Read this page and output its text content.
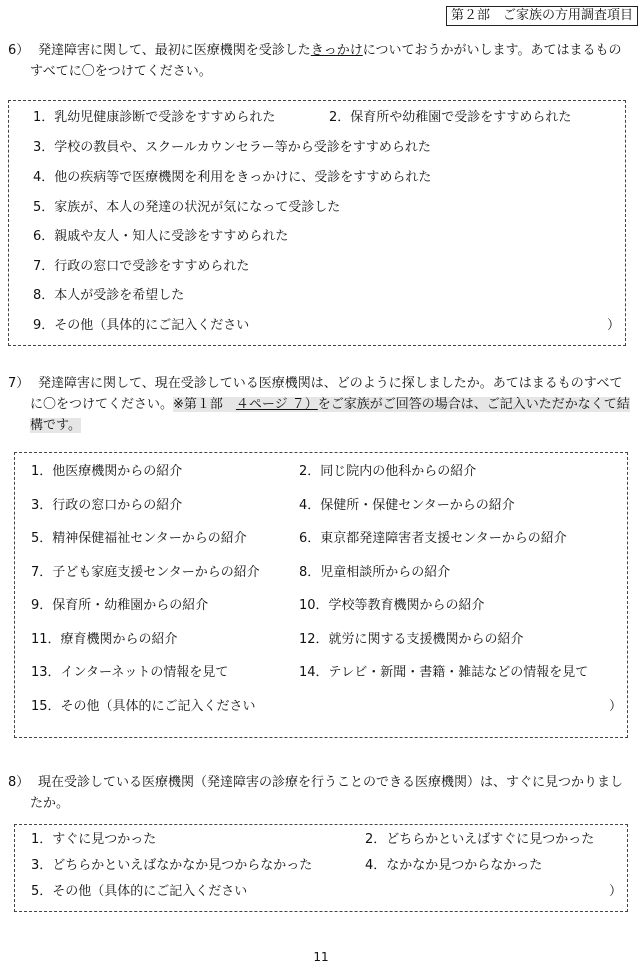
第２部　ご家族の方用調査項目
6） 発達障害に関して、最初に医療機関を受診したきっかけについておうかがいします。あてはまるもの
すべてに〇をつけてください。
1．乳幼児健康診断で受診をすすめられた	2．保育所や幼稚園で受診をすすめられた
3．学校の教員や、スクールカウンセラー等から受診をすすめられた
4．他の疾病等で医療機関を利用をきっかけに、受診をすすめられた
5．家族が、本人の発達の状況が気になって受診した
6．親戚や友人・知人に受診をすすめられた
7．行政の窓口で受診をすすめられた
8．本人が受診を希望した
9．その他（具体的にご記入ください	）
7） 発達障害に関して、現在受診している医療機関は、どのように探しましたか。あてはまるものすべて
に〇をつけてください。※第１部　４ページ ７）をご家族がご回答の場合は、ご記入いただかなくて結
構です。
1．他医療機関からの紹介	2．同じ院内の他科からの紹介
3．行政の窓口からの紹介	4．保健所・保健センターからの紹介
5．精神保健福祉センターからの紹介	6．東京都発達障害者支援センターからの紹介
7．子ども家庭支援センターからの紹介	8．児童相談所からの紹介
9．保育所・幼稚園からの紹介	10．学校等教育機関からの紹介
11．療育機関からの紹介	12．就労に関する支援機関からの紹介
13．インターネットの情報を見て	14．テレビ・新聞・書籍・雑誌などの情報を見て
15．その他（具体的にご記入ください	）
8） 現在受診している医療機関（発達障害の診療を行うことのできる医療機関）は、すぐに見つかりまし
たか。
1．すぐに見つかった	2．どちらかといえばすぐに見つかった
3．どちらかといえばなかなか見つからなかった	4．なかなか見つからなかった
5．その他（具体的にご記入ください	）
11
